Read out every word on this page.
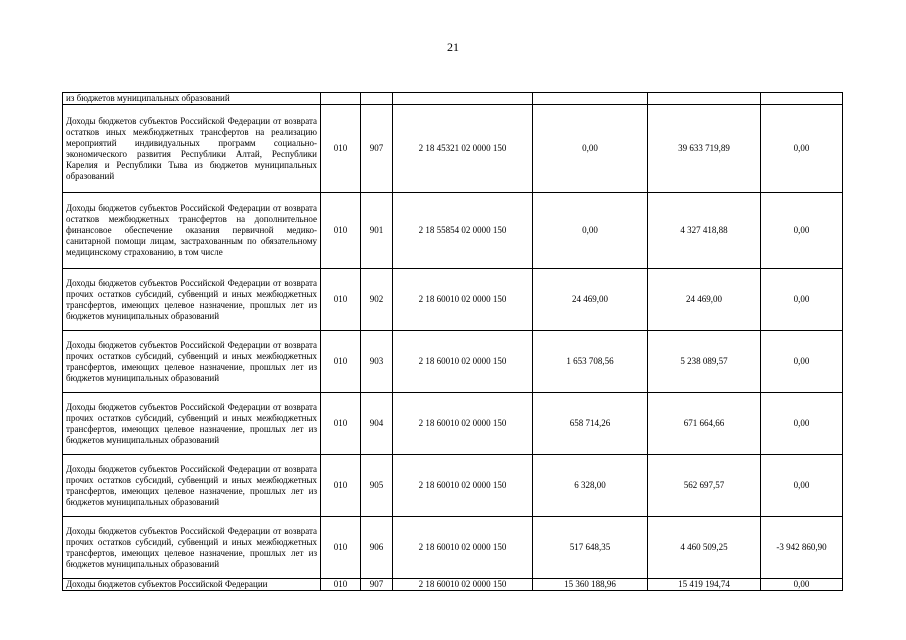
21
из бюджетов муниципальных образований						
Доходы бюджетов субъектов Российской Федерации от возврата остатков иных межбюджетных трансфертов на реализацию мероприятий индивидуальных программ социально-экономического развития Республики Алтай, Республики Карелия и Республики Тыва из бюджетов муниципальных образований	010	907	2 18 45321 02 0000 150	0,00	39 633 719,89	0,00
Доходы бюджетов субъектов Российской Федерации от возврата остатков межбюджетных трансфертов на дополнительное финансовое обеспечение оказания первичной медико-санитарной помощи лицам, застрахованным по обязательному медицинскому страхованию, в том числе	010	901	2 18 55854 02 0000 150	0,00	4 327 418,88	0,00
Доходы бюджетов субъектов Российской Федерации от возврата прочих остатков субсидий, субвенций и иных межбюджетных трансфертов, имеющих целевое назначение, прошлых лет из бюджетов муниципальных образований	010	902	2 18 60010 02 0000 150	24 469,00	24 469,00	0,00
Доходы бюджетов субъектов Российской Федерации от возврата прочих остатков субсидий, субвенций и иных межбюджетных трансфертов, имеющих целевое назначение, прошлых лет из бюджетов муниципальных образований	010	903	2 18 60010 02 0000 150	1 653 708,56	5 238 089,57	0,00
Доходы бюджетов субъектов Российской Федерации от возврата прочих остатков субсидий, субвенций и иных межбюджетных трансфертов, имеющих целевое назначение, прошлых лет из бюджетов муниципальных образований	010	904	2 18 60010 02 0000 150	658 714,26	671 664,66	0,00
Доходы бюджетов субъектов Российской Федерации от возврата прочих остатков субсидий, субвенций и иных межбюджетных трансфертов, имеющих целевое назначение, прошлых лет из бюджетов муниципальных образований	010	905	2 18 60010 02 0000 150	6 328,00	562 697,57	0,00
Доходы бюджетов субъектов Российской Федерации от возврата прочих остатков субсидий, субвенций и иных межбюджетных трансфертов, имеющих целевое назначение, прошлых лет из бюджетов муниципальных образований	010	906	2 18 60010 02 0000 150	517 648,35	4 460 509,25	-3 942 860,90
Доходы бюджетов субъектов Российской Федерации	010	907	2 18 60010 02 0000 150	15 360 188,96	15 419 194,74	0,00
